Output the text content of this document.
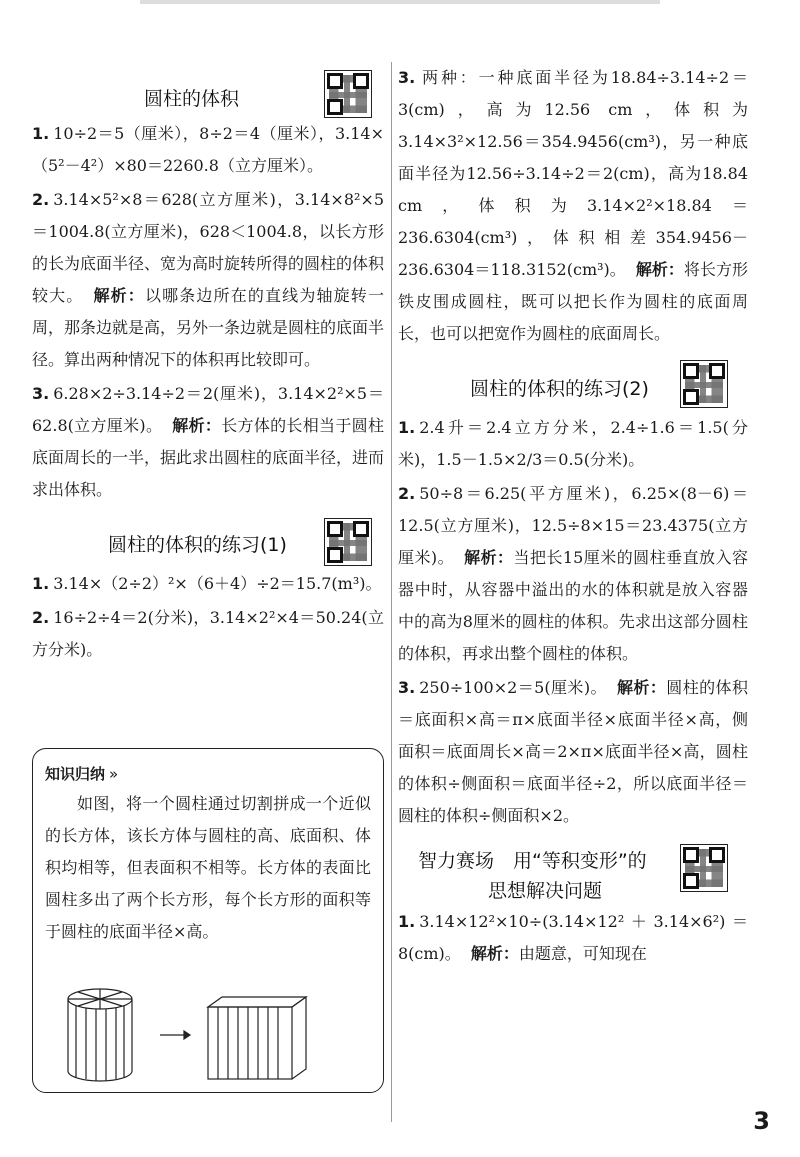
圆柱的体积

1. 10÷2＝5（厘米），8÷2＝4（厘米），3.14×（5²－4²）×80＝2260.8（立方厘米）。

2. 3.14×5²×8＝628(立方厘米)，3.14×8²×5＝1004.8(立方厘米)，628＜1004.8，以长方形的长为底面半径、宽为高时旋转所得的圆柱的体积较大。 解析：以哪条边所在的直线为轴旋转一周，那条边就是高，另外一条边就是圆柱的底面半径。算出两种情况下的体积再比较即可。

3. 6.28×2÷3.14÷2＝2(厘米)，3.14×2²×5＝62.8(立方厘米)。 解析：长方体的长相当于圆柱底面周长的一半，据此求出圆柱的底面半径，进而求出体积。

圆柱的体积的练习(1)

1. 3.14×（2÷2）²×（6＋4）÷2＝15.7(m³)。

2. 16÷2÷4＝2(分米)，3.14×2²×4＝50.24(立方分米)。

知识归纳 »

如图，将一个圆柱通过切割拼成一个近似的长方体，该长方体与圆柱的高、底面积、体积均相等，但表面积不相等。长方体的表面比圆柱多出了两个长方形，每个长方形的面积等于圆柱的底面半径×高。

3. 两种：一种底面半径为18.84÷3.14÷2＝3(cm)，高为12.56 cm，体积为3.14×3²×12.56＝354.9456(cm³)，另一种底面半径为12.56÷3.14÷2＝2(cm)，高为18.84 cm，体积为3.14×2²×18.84＝236.6304(cm³)，体积相差354.9456－236.6304＝118.3152(cm³)。 解析：将长方形铁皮围成圆柱，既可以把长作为圆柱的底面周长，也可以把宽作为圆柱的底面周长。

圆柱的体积的练习(2)

1. 2.4升＝2.4立方分米，2.4÷1.6＝1.5(分米)，1.5－1.5×2/3＝0.5(分米)。

2. 50÷8＝6.25(平方厘米)，6.25×(8－6)＝12.5(立方厘米)，12.5÷8×15＝23.4375(立方厘米)。 解析：当把长15厘米的圆柱垂直放入容器中时，从容器中溢出的水的体积就是放入容器中的高为8厘米的圆柱的体积。先求出这部分圆柱的体积，再求出整个圆柱的体积。

3. 250÷100×2＝5(厘米)。 解析：圆柱的体积＝底面积×高＝π×底面半径×底面半径×高，侧面积＝底面周长×高＝2×π×底面半径×高，圆柱的体积÷侧面积＝底面半径÷2，所以底面半径＝圆柱的体积÷侧面积×2。

智力赛场　用“等积变形”的
思想解决问题

1. 3.14×12²×10÷(3.14×12²＋3.14×6²)＝8(cm)。 解析：由题意，可知现在

3
